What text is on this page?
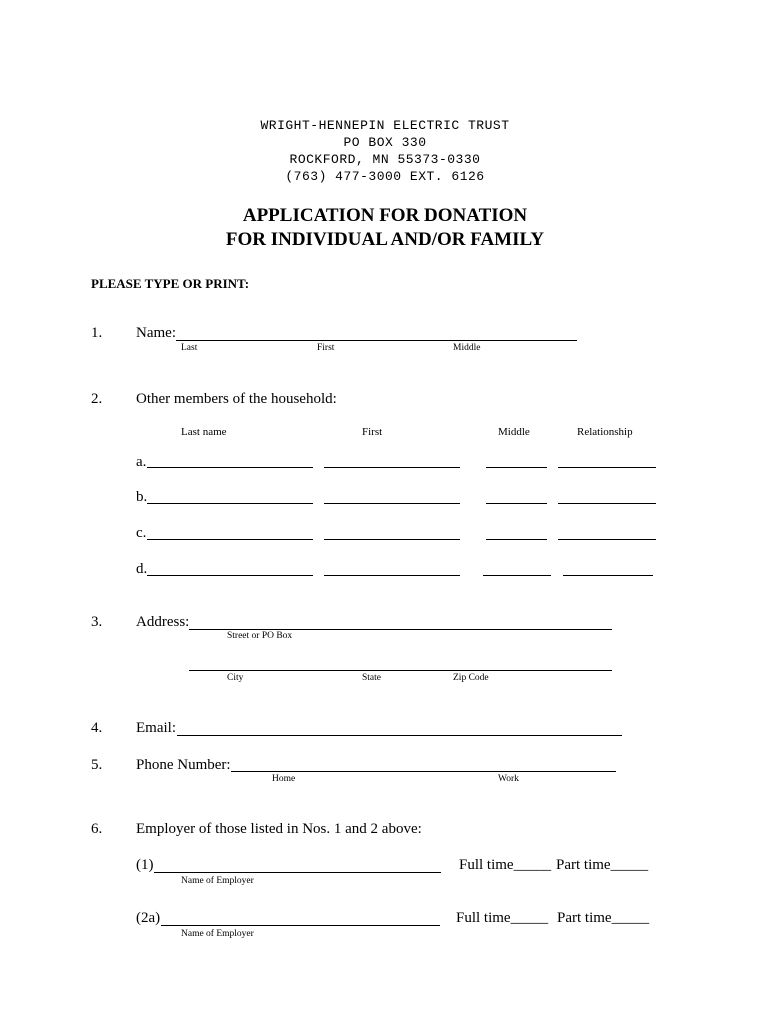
WRIGHT-HENNEPIN ELECTRIC TRUST
PO BOX 330
ROCKFORD, MN 55373-0330
(763) 477-3000 EXT. 6126
APPLICATION FOR DONATION
FOR INDIVIDUAL AND/OR FAMILY
PLEASE TYPE OR PRINT:
1. Name:
Last	First	Middle
2. Other members of the household:
Last name	First	Middle	Relationship
a.
b.
c.
d.
3. Address:
Street or PO Box
City	State	Zip Code
4. Email:
5. Phone Number:
Home	Work
6. Employer of those listed in Nos. 1 and 2 above:
(1)	Full time_____ Part time_____
Name of Employer
(2a)	Full time_____ Part time_____
Name of Employer
